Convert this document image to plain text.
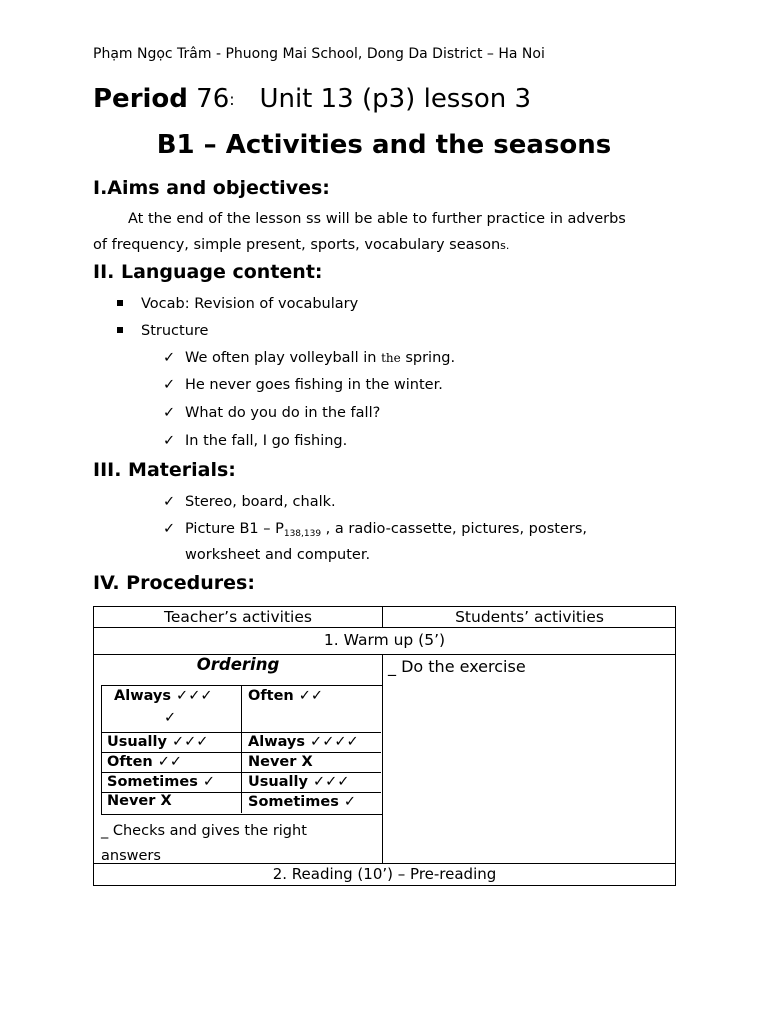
Phạm Ngọc Trâm - Phuong Mai School, Dong Da District – Ha Noi
Period 76: Unit 13 (p3) lesson 3
B1 – Activities and the seasons
I.Aims and objectives:
At the end of the lesson ss will be able to further practice in adverbs
of frequency, simple present, sports, vocabulary seasons.
II. Language content:
Vocab: Revision of vocabulary
Structure
✓ We often play volleyball in the spring.
✓ He never goes fishing in the winter.
✓ What do you do in the fall?
✓ In the fall, I go fishing.
III. Materials:
✓ Stereo, board, chalk.
✓ Picture $B1 - P_{138,139}$ , a radio-cassette, pictures, posters,
worksheet and computer.
IV. Procedures:
Teacher’s activities	Students’ activities
1. Warm up (5’)
Ordering	_ Do the exercise
Always ✓✓✓
✓
Usually ✓✓✓
Often ✓✓
Sometimes ✓
Never X
Often ✓✓
Always ✓✓✓✓
Never X
Usually ✓✓✓
Sometimes ✓
_ Checks and gives the right
answers
2. Reading (10’) – Pre-reading
